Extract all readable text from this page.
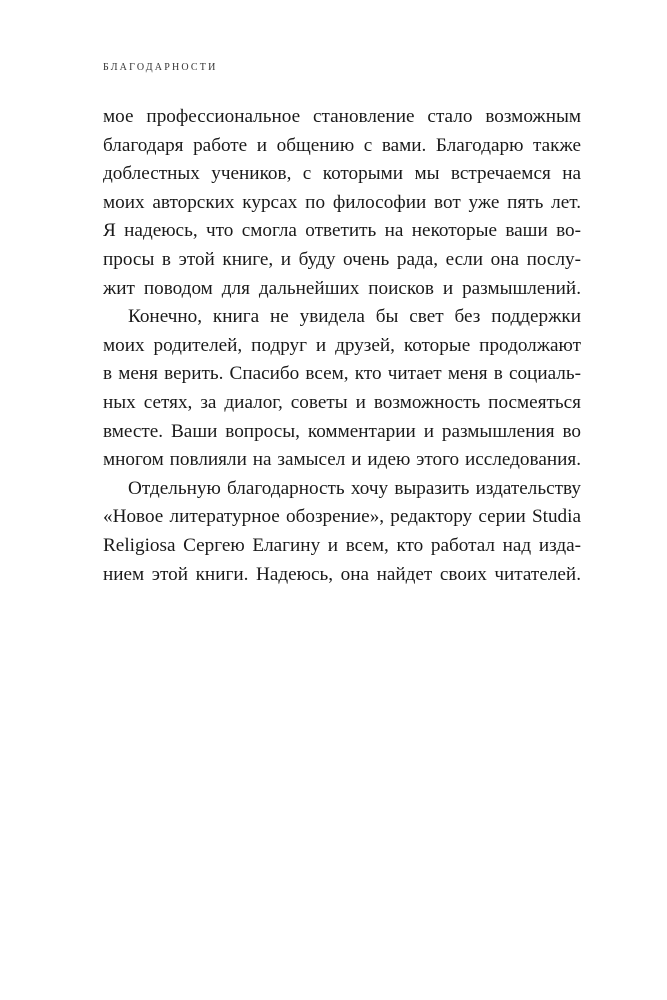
БЛАГОДАРНОСТИ
мое профессиональное становление стало возможным
благодаря работе и общению с вами. Благодарю также
доблестных учеников, с которыми мы встречаемся на
моих авторских курсах по философии вот уже пять лет.
Я надеюсь, что смогла ответить на некоторые ваши во-
просы в этой книге, и буду очень рада, если она послу-
жит поводом для дальнейших поисков и размышлений.
Конечно, книга не увидела бы свет без поддержки
моих родителей, подруг и друзей, которые продолжают
в меня верить. Спасибо всем, кто читает меня в социаль-
ных сетях, за диалог, советы и возможность посмеяться
вместе. Ваши вопросы, комментарии и размышления во
многом повлияли на замысел и идею этого исследования.
Отдельную благодарность хочу выразить издательству
«Новое литературное обозрение», редактору серии Studia
Religiosa Сергею Елагину и всем, кто работал над изда-
нием этой книги. Надеюсь, она найдет своих читателей.
